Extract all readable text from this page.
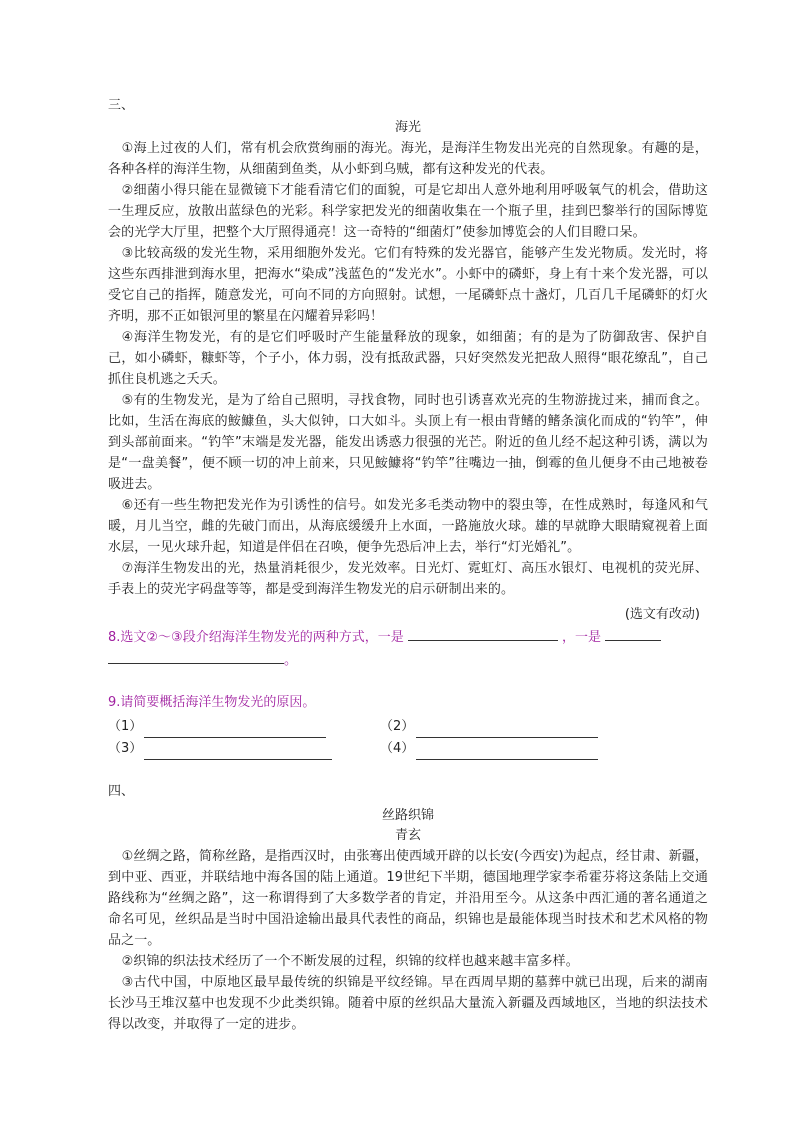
三、

海光

①海上过夜的人们，常有机会欣赏绚丽的海光。海光，是海洋生物发出光亮的自然现象。有趣的是，各种各样的海洋生物，从细菌到鱼类，从小虾到乌贼，都有这种发光的代表。

②细菌小得只能在显微镜下才能看清它们的面貌，可是它却出人意外地利用呼吸氧气的机会，借助这一生理反应，放散出蓝绿色的光彩。科学家把发光的细菌收集在一个瓶子里，挂到巴黎举行的国际博览会的光学大厅里，把整个大厅照得通亮！这一奇特的“细菌灯”使参加博览会的人们目瞪口呆。

③比较高级的发光生物，采用细胞外发光。它们有特殊的发光器官，能够产生发光物质。发光时，将这些东西排泄到海水里，把海水“染成”浅蓝色的“发光水”。小虾中的磷虾，身上有十来个发光器，可以受它自己的指挥，随意发光，可向不同的方向照射。试想，一尾磷虾点十盏灯，几百几千尾磷虾的灯火齐明，那不正如银河里的繁星在闪耀着异彩吗！

④海洋生物发光，有的是它们呼吸时产生能量释放的现象，如细菌；有的是为了防御敌害、保护自己，如小磷虾，糠虾等，个子小，体力弱，没有抵敌武器，只好突然发光把敌人照得“眼花缭乱”，自己抓住良机逃之夭夭。

⑤有的生物发光，是为了给自己照明，寻找食物，同时也引诱喜欢光亮的生物游拢过来，捕而食之。比如，生活在海底的鮟鱇鱼，头大似钟，口大如斗。头顶上有一根由背鳍的鳍条演化而成的“钓竿”，伸到头部前面来。“钓竿”末端是发光器，能发出诱惑力很强的光芒。附近的鱼儿经不起这种引诱，满以为是“一盘美餐”，便不顾一切的冲上前来，只见鮟鱇将“钓竿”往嘴边一抽，倒霉的鱼儿便身不由己地被卷吸进去。

⑥还有一些生物把发光作为引诱性的信号。如发光多毛类动物中的裂虫等，在性成熟时，每逢风和气暖，月儿当空，雌的先破门而出，从海底缓缓升上水面，一路施放火球。雄的早就睁大眼睛窥视着上面水层，一见火球升起，知道是伴侣在召唤，便争先恐后冲上去，举行“灯光婚礼”。

⑦海洋生物发出的光，热量消耗很少，发光效率。日光灯、霓虹灯、高压水银灯、电视机的荧光屏、手表上的荧光字码盘等等，都是受到海洋生物发光的启示研制出来的。

(选文有改动)

8.选文②～③段介绍海洋生物发光的两种方式，一是	，一是
。
9.请简要概括海洋生物发光的原因。
（1）	（2）
（3）	（4）

四、

丝路织锦

青玄

①丝绸之路，简称丝路，是指西汉时，由张骞出使西域开辟的以长安(今西安)为起点，经甘肃、新疆，到中亚、西亚，并联结地中海各国的陆上通道。19世纪下半期，德国地理学家李希霍芬将这条陆上交通路线称为“丝绸之路”，这一称谓得到了大多数学者的肯定，并沿用至今。从这条中西汇通的著名通道之命名可见，丝织品是当时中国沿途输出最具代表性的商品，织锦也是最能体现当时技术和艺术风格的物品之一。

②织锦的织法技术经历了一个不断发展的过程，织锦的纹样也越来越丰富多样。

③古代中国，中原地区最早最传统的织锦是平纹经锦。早在西周早期的墓葬中就已出现，后来的湖南长沙马王堆汉墓中也发现不少此类织锦。随着中原的丝织品大量流入新疆及西域地区，当地的织法技术得以改变，并取得了一定的进步。
